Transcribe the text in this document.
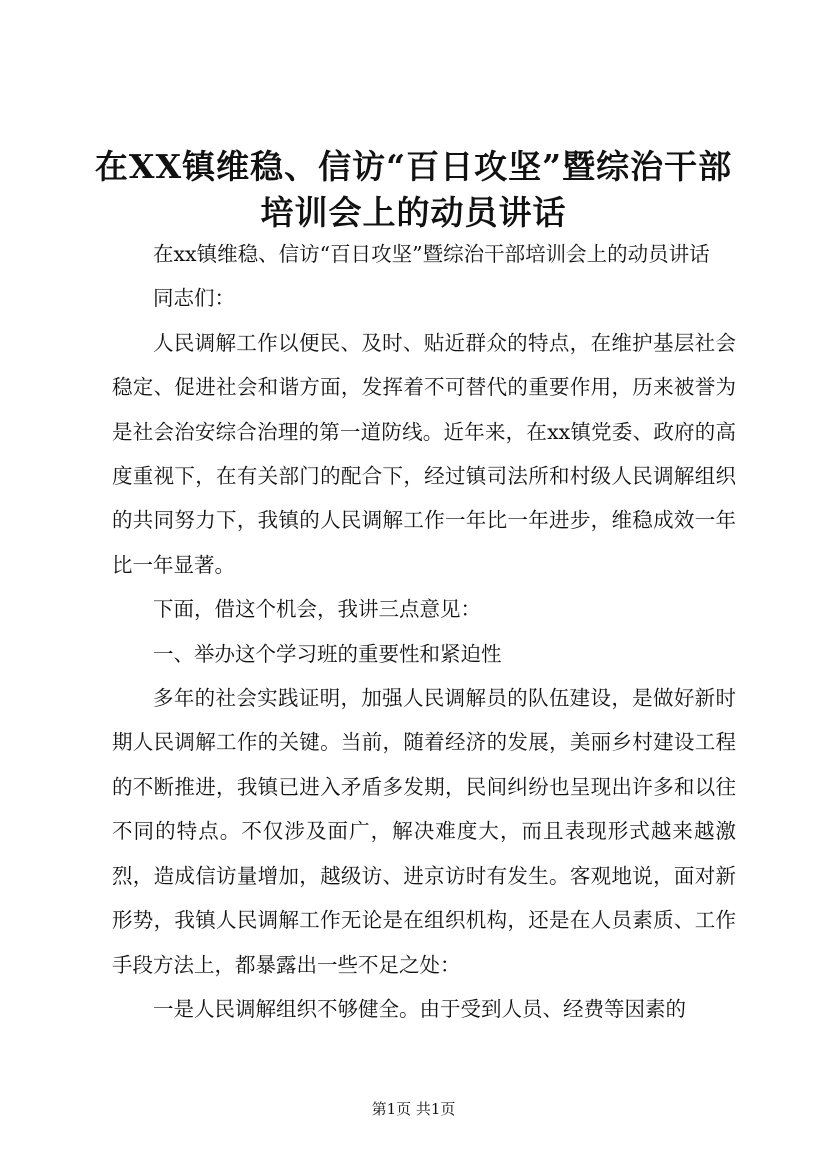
在XX镇维稳、信访“百日攻坚”暨综治干部
培训会上的动员讲话

在xx镇维稳、信访“百日攻坚”暨综治干部培训会上的动员讲话

同志们：

人民调解工作以便民、及时、贴近群众的特点，在维护基层社会稳定、促进社会和谐方面，发挥着不可替代的重要作用，历来被誉为是社会治安综合治理的第一道防线。近年来，在xx镇党委、政府的高度重视下，在有关部门的配合下，经过镇司法所和村级人民调解组织的共同努力下，我镇的人民调解工作一年比一年进步，维稳成效一年比一年显著。

下面，借这个机会，我讲三点意见：

一、举办这个学习班的重要性和紧迫性

多年的社会实践证明，加强人民调解员的队伍建设，是做好新时期人民调解工作的关键。当前，随着经济的发展，美丽乡村建设工程的不断推进，我镇已进入矛盾多发期，民间纠纷也呈现出许多和以往不同的特点。不仅涉及面广，解决难度大，而且表现形式越来越激烈，造成信访量增加，越级访、进京访时有发生。客观地说，面对新形势，我镇人民调解工作无论是在组织机构，还是在人员素质、工作手段方法上，都暴露出一些不足之处：

一是人民调解组织不够健全。由于受到人员、经费等因素的

第1页 共1页
